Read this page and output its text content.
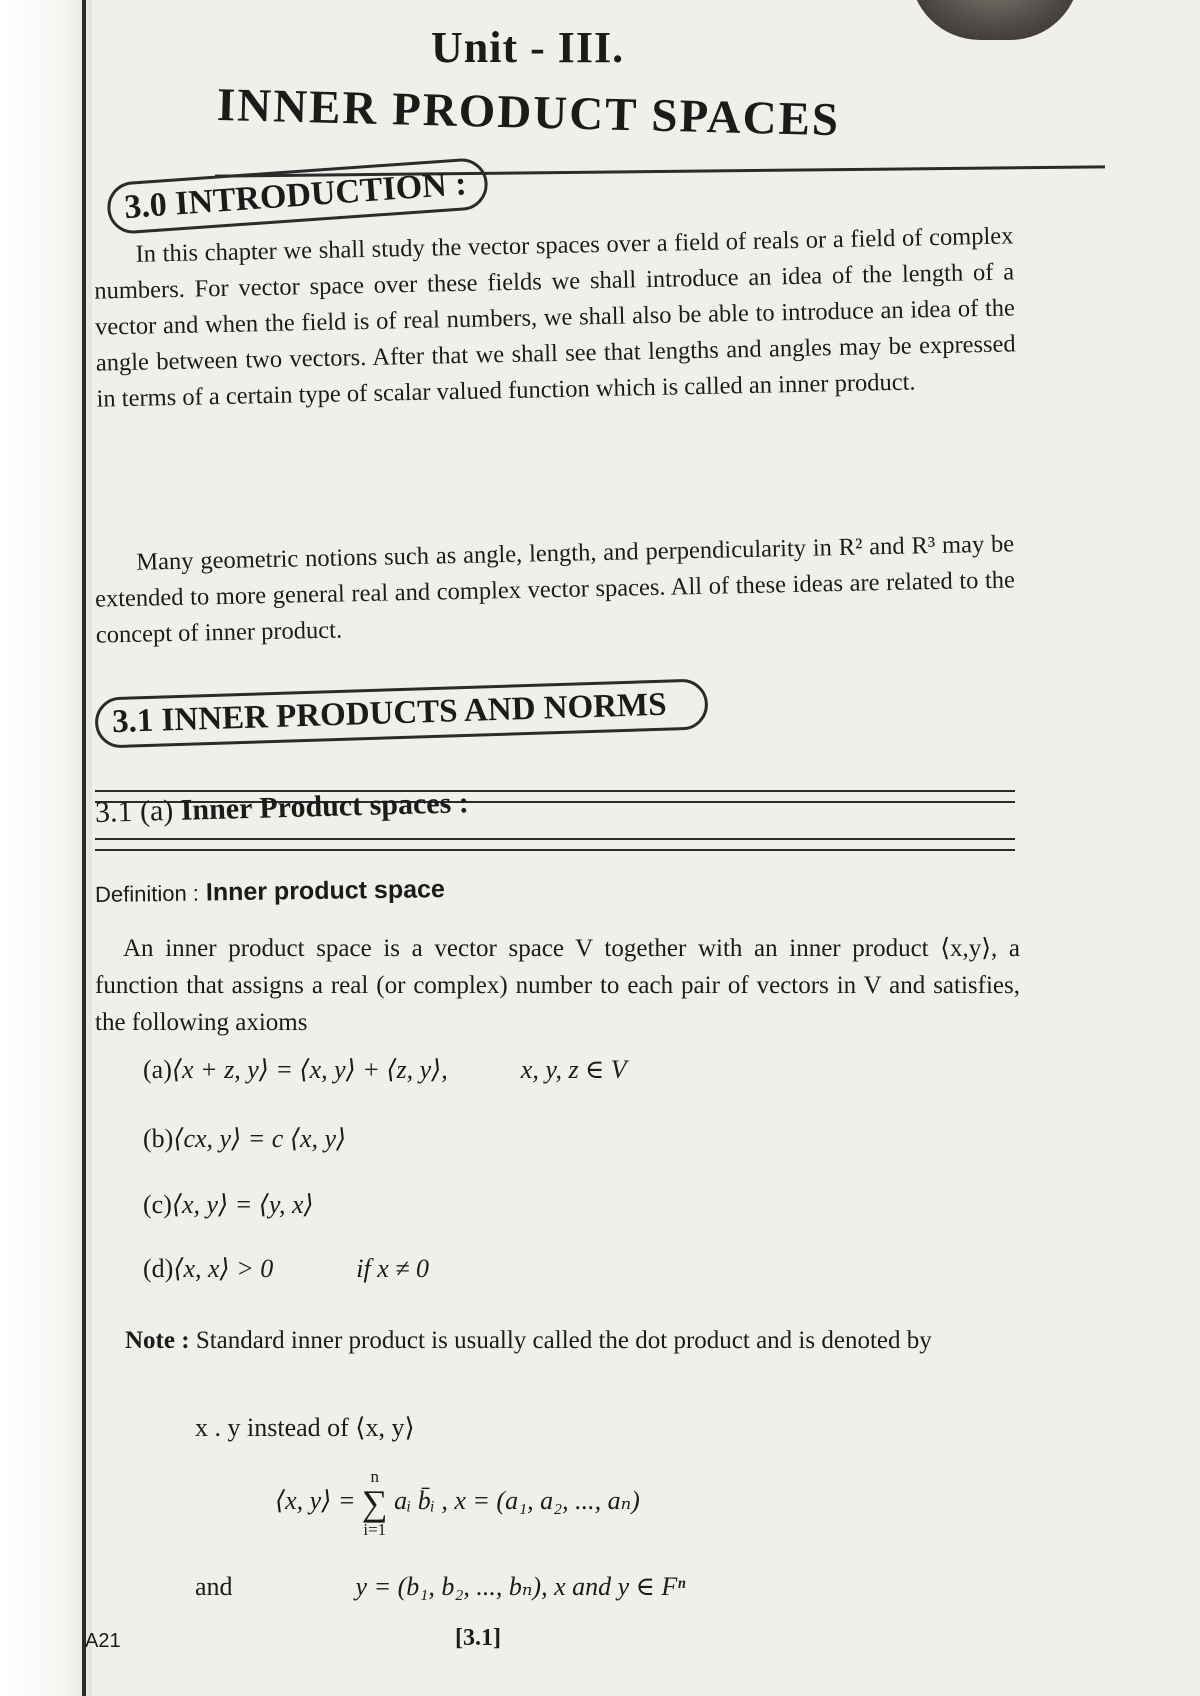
Unit - III.
INNER PRODUCT SPACES
3.0 INTRODUCTION :
In this chapter we shall study the vector spaces over a field of reals or a field of complex numbers. For vector space over these fields we shall introduce an idea of the length of a vector and when the field is of real numbers, we shall also be able to introduce an idea of the angle between two vectors. After that we shall see that lengths and angles may be expressed in terms of a certain type of scalar valued function which is called an inner product.
Many geometric notions such as angle, length, and perpendicularity in R² and R³ may be extended to more general real and complex vector spaces. All of these ideas are related to the concept of inner product.
3.1 INNER PRODUCTS AND NORMS
3.1 (a) Inner Product spaces :
Definition : Inner product space
An inner product space is a vector space V together with an inner product ⟨x,y⟩, a function that assigns a real (or complex) number to each pair of vectors in V and satisfies, the following axioms
(a)⟨x + z, y⟩ = ⟨x, y⟩ + ⟨z, y⟩,	x, y, z ∈ V
(b)⟨cx, y⟩ = c ⟨x, y⟩
(c)⟨x, y⟩ = ⟨y, x⟩
(d)⟨x, x⟩ > 0	if x ≠ 0
Note : Standard inner product is usually called the dot product and is denoted by
x . y instead of ⟨x, y⟩
⟨x, y⟩ =
n
∑
i=1
aᵢ b̄ᵢ , x = (a₁, a₂, ..., aₙ)
and	y = (b₁, b₂, ..., bₙ), x and y ∈ Fⁿ
A21	[3.1]
